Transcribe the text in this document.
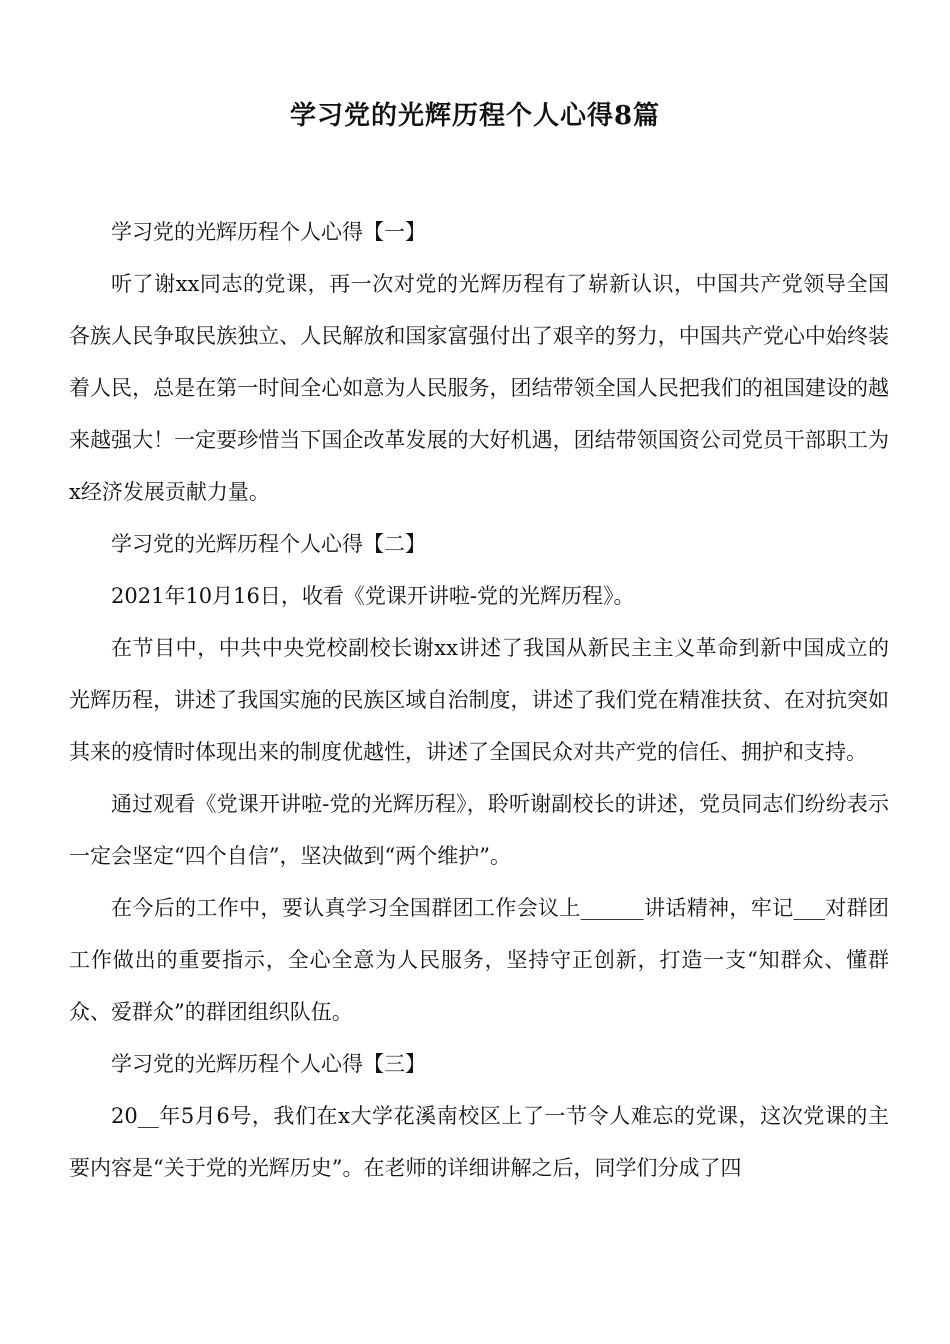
学习党的光辉历程个人心得8篇

学习党的光辉历程个人心得【一】

听了谢xx同志的党课，再一次对党的光辉历程有了崭新认识，中国共产党领导全国各族人民争取民族独立、人民解放和国家富强付出了艰辛的努力，中国共产党心中始终装着人民，总是在第一时间全心如意为人民服务，团结带领全国人民把我们的祖国建设的越来越强大！一定要珍惜当下国企改革发展的大好机遇，团结带领国资公司党员干部职工为x经济发展贡献力量。

学习党的光辉历程个人心得【二】

2021年10月16日，收看《党课开讲啦-党的光辉历程》。

在节目中，中共中央党校副校长谢xx讲述了我国从新民主主义革命到新中国成立的光辉历程，讲述了我国实施的民族区域自治制度，讲述了我们党在精准扶贫、在对抗突如其来的疫情时体现出来的制度优越性，讲述了全国民众对共产党的信任、拥护和支持。

通过观看《党课开讲啦-党的光辉历程》，聆听谢副校长的讲述，党员同志们纷纷表示一定会坚定“四个自信”，坚决做到“两个维护”。

在今后的工作中，要认真学习全国群团工作会议上______讲话精神，牢记___对群团工作做出的重要指示，全心全意为人民服务，坚持守正创新，打造一支“知群众、懂群众、爱群众”的群团组织队伍。

学习党的光辉历程个人心得【三】

20__年5月6号，我们在x大学花溪南校区上了一节令人难忘的党课，这次党课的主要内容是“关于党的光辉历史”。在老师的详细讲解之后，同学们分成了四
